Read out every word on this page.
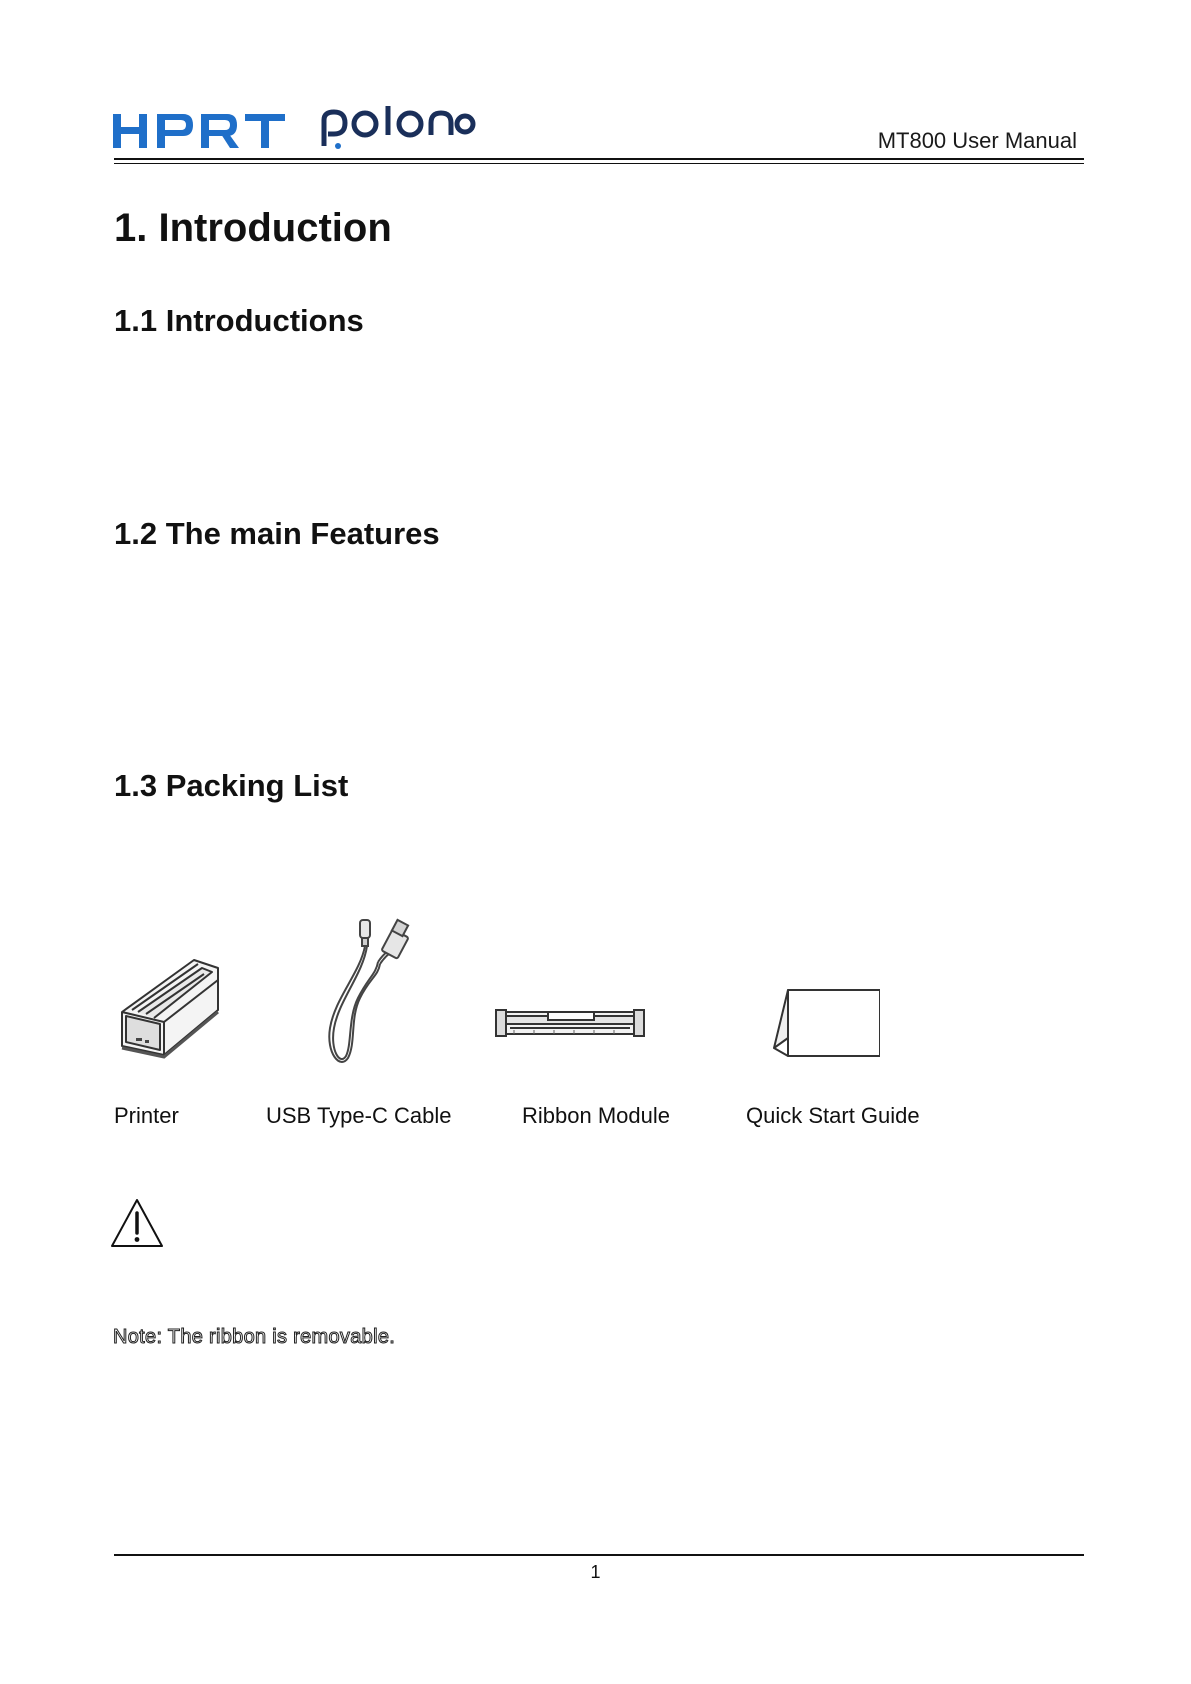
MT800 User Manual
1. Introduction
1.1 Introductions
1.2 The main Features
1.3 Packing List
Printer	USB Type-C Cable	Ribbon Module	Quick Start Guide
Note: The ribbon is removable.
1
